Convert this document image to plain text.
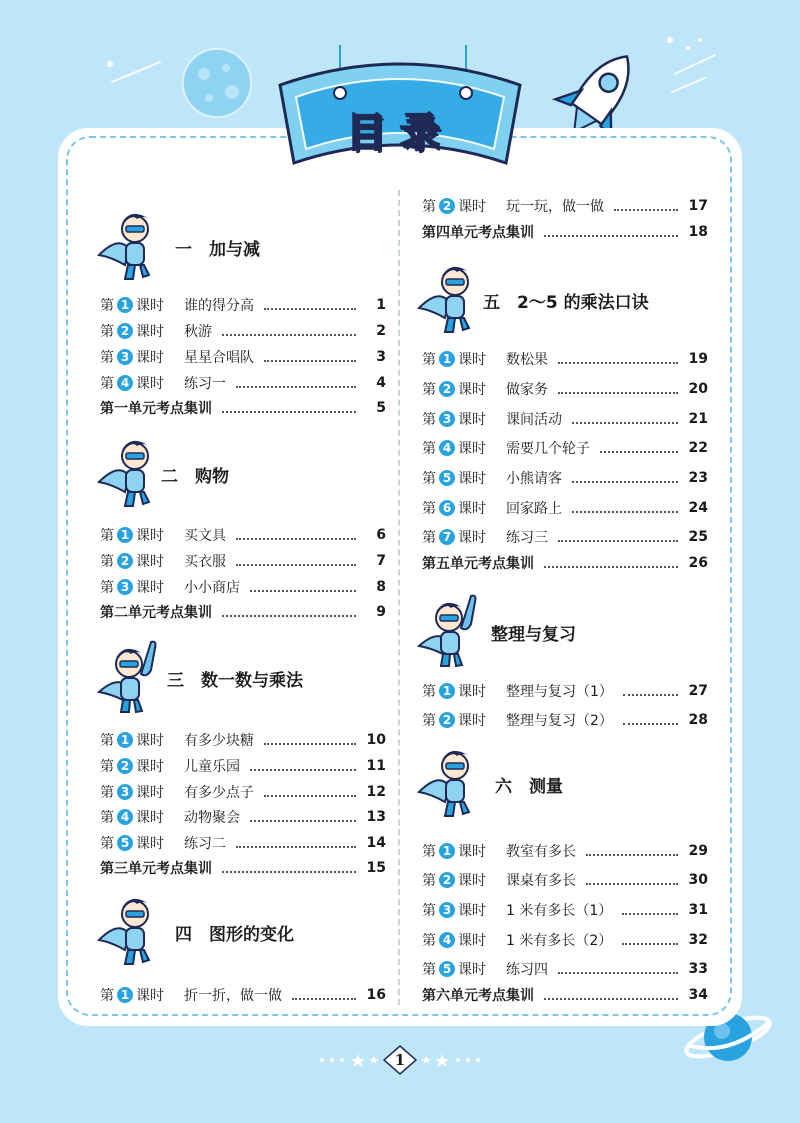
目录
一　加与减
二　购物
三　数一数与乘法
四　图形的变化
五　2～5 的乘法口诀
整理与复习
六　测量
第 1 课时 谁的得分高	1
第 2 课时 秋游	2
第 3 课时 星星合唱队	3
第 4 课时 练习一	4
第一单元考点集训	5
第 1 课时 买文具	6
第 2 课时 买衣服	7
第 3 课时 小小商店	8
第二单元考点集训	9
第 1 课时 有多少块糖	10
第 2 课时 儿童乐园	11
第 3 课时 有多少点子	12
第 4 课时 动物聚会	13
第 5 课时 练习二	14
第三单元考点集训	15
第 1 课时 折一折，做一做	16
第 2 课时 玩一玩，做一做	17
第四单元考点集训	18
第 1 课时 数松果	19
第 2 课时 做家务	20
第 3 课时 课间活动	21
第 4 课时 需要几个轮子	22
第 5 课时 小熊请客	23
第 6 课时 回家路上	24
第 7 课时 练习三	25
第五单元考点集训	26
第 1 课时 整理与复习（1）	27
第 2 课时 整理与复习（2）	28
第 1 课时 教室有多长	29
第 2 课时 课桌有多长	30
第 3 课时 1 米有多长（1）	31
第 4 课时 1 米有多长（2）	32
第 5 课时 练习四	33
第六单元考点集训	34
1
